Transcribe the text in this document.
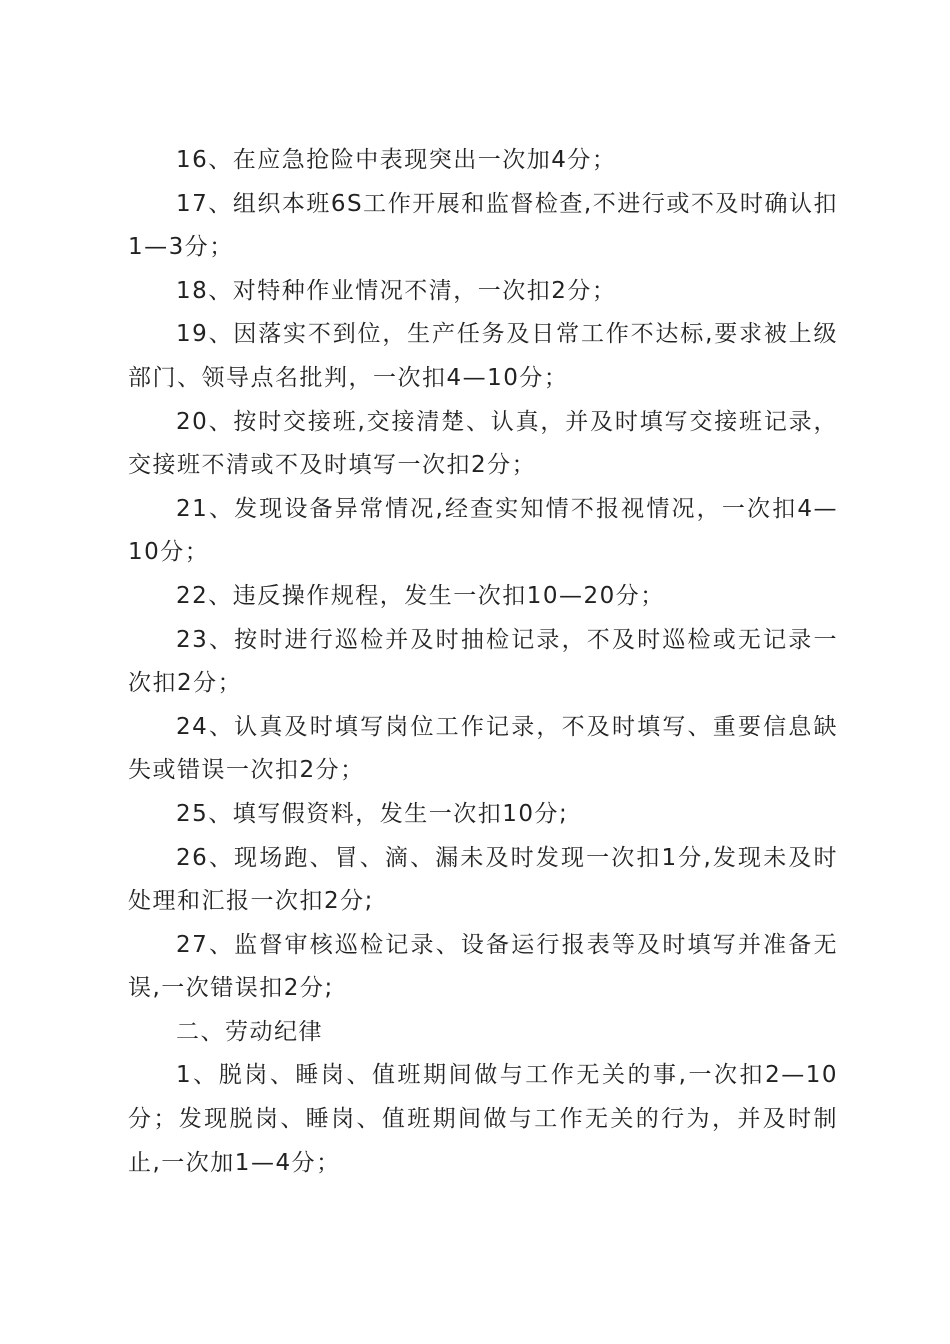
16、在应急抢险中表现突出一次加4分；

17、组织本班6S工作开展和监督检查,不进行或不及时确认扣1—3分；

18、对特种作业情况不清，一次扣2分；

19、因落实不到位，生产任务及日常工作不达标,要求被上级部门、领导点名批判，一次扣4—10分；

20、按时交接班,交接清楚、认真，并及时填写交接班记录，交接班不清或不及时填写一次扣2分；

21、发现设备异常情况,经查实知情不报视情况，一次扣4—10分；

22、违反操作规程，发生一次扣10—20分；

23、按时进行巡检并及时抽检记录，不及时巡检或无记录一次扣2分；

24、认真及时填写岗位工作记录，不及时填写、重要信息缺失或错误一次扣2分；

25、填写假资料，发生一次扣10分;

26、现场跑、冒、滴、漏未及时发现一次扣1分,发现未及时处理和汇报一次扣2分;

27、监督审核巡检记录、设备运行报表等及时填写并准备无误,一次错误扣2分;

二、劳动纪律

1、脱岗、睡岗、值班期间做与工作无关的事,一次扣2—10分；发现脱岗、睡岗、值班期间做与工作无关的行为，并及时制止,一次加1—4分；
